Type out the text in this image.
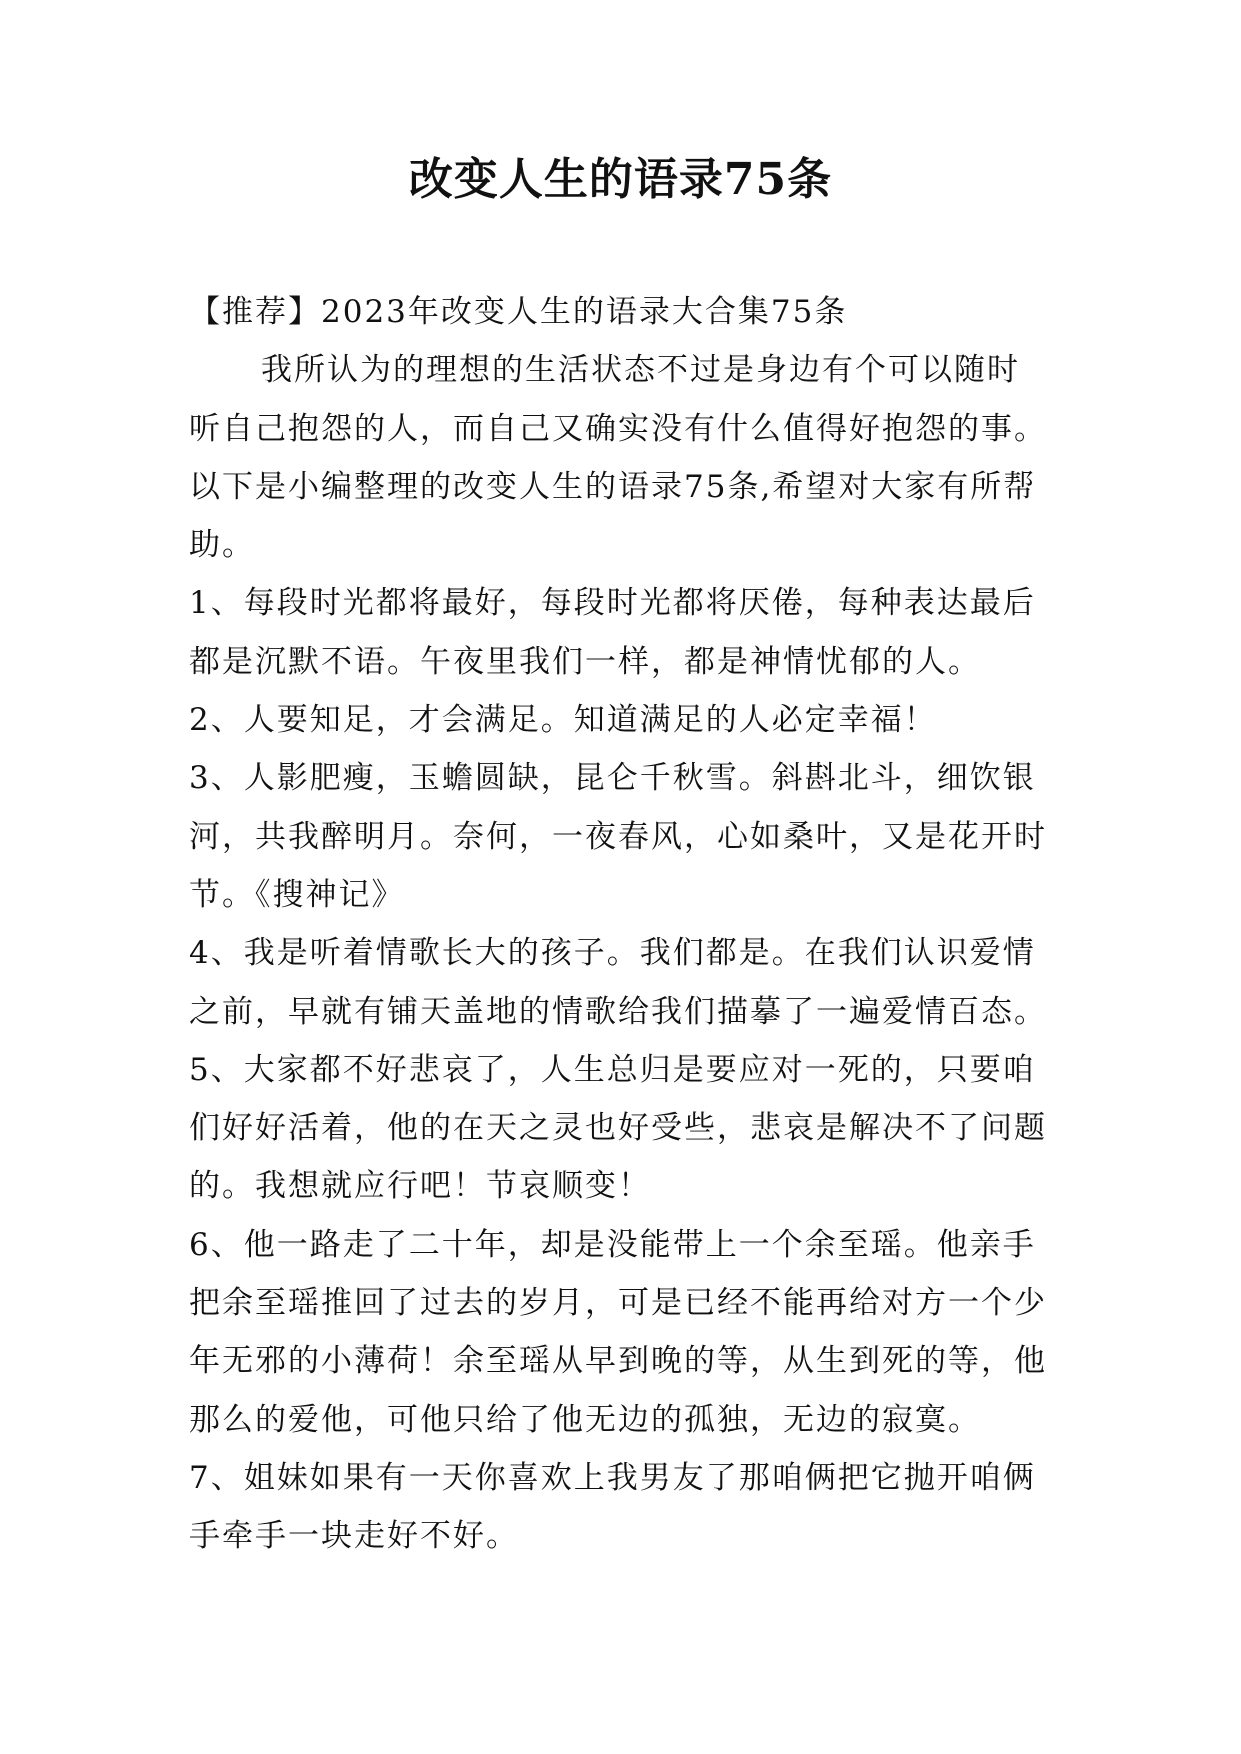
改变人生的语录75条
【推荐】2023年改变人生的语录大合集75条
我所认为的理想的生活状态不过是身边有个可以随时
听自己抱怨的人，而自己又确实没有什么值得好抱怨的事。
以下是小编整理的改变人生的语录75条,希望对大家有所帮
助。
1、每段时光都将最好，每段时光都将厌倦，每种表达最后
都是沉默不语。午夜里我们一样，都是神情忧郁的人。
2、人要知足，才会满足。知道满足的人必定幸福！
3、人影肥瘦，玉蟾圆缺，昆仑千秋雪。斜斟北斗，细饮银
河，共我醉明月。奈何，一夜春风，心如桑叶，又是花开时
节。《搜神记》
4、我是听着情歌长大的孩子。我们都是。在我们认识爱情
之前，早就有铺天盖地的情歌给我们描摹了一遍爱情百态。
5、大家都不好悲哀了，人生总归是要应对一死的，只要咱
们好好活着，他的在天之灵也好受些，悲哀是解决不了问题
的。我想就应行吧！节哀顺变！
6、他一路走了二十年，却是没能带上一个余至瑶。他亲手
把余至瑶推回了过去的岁月，可是已经不能再给对方一个少
年无邪的小薄荷！余至瑶从早到晚的等，从生到死的等，他
那么的爱他，可他只给了他无边的孤独，无边的寂寞。
7、姐妹如果有一天你喜欢上我男友了那咱俩把它抛开咱俩
手牵手一块走好不好。
